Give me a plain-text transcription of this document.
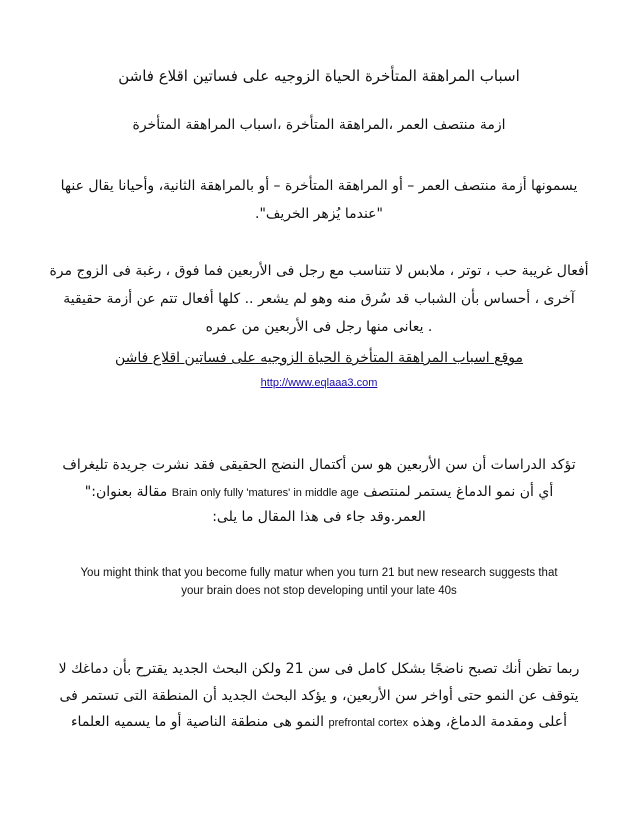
اسباب المراهقة المتأخرة الحياة الزوجيه على فساتين اقلاع فاشن
ازمة منتصف العمر ،المراهقة المتأخرة ،اسباب المراهقة المتأخرة
يسمونها أزمة منتصف العمر – أو المراهقة المتأخرة – أو بالمراهقة الثانية، وأحيانا يقال عنها
"عندما يُزهر الخريف".
أفعال غريبة حب ، توتر ، ملابس لا تتناسب مع رجل فى الأربعين فما فوق ، رغبة فى الزوج مرة
آخرى ، أحساس بأن الشباب قد سُرق منه وهو لم يشعر .. كلها أفعال تتم عن أزمة حقيقية
. يعانى منها رجل فى الأربعين من عمره
موقع اسباب المراهقة المتأخرة الحياة الزوجيه على فساتين اقلاع فاشن
http://www.eqlaaa3.com
تؤكد الدراسات أن سن الأربعين هو سن أكتمال النضج الحقيقى فقد نشرت جريدة تليغراف
أي أن نمو الدماغ يستمر لمنتصف Brain only fully 'matures' in middle age مقالة بعنوان:"
العمر.وقد جاء فى هذا المقال ما يلى:
You might think that you become fully matur when you turn 21 but new research suggests that
your brain does not stop developing until your late 40s
ربما تظن أنك تصبح ناضجًا بشكل كامل فى سن 21 ولكن البحث الجديد يقترح بأن دماغك لا
يتوقف عن النمو حتى أواخر سن الأربعين، و يؤكد البحث الجديد أن المنطقة التى تستمر فى
أعلى ومقدمة الدماغ، وهذه prefrontal cortex النمو هى منطقة الناصية أو ما يسميه العلماء
